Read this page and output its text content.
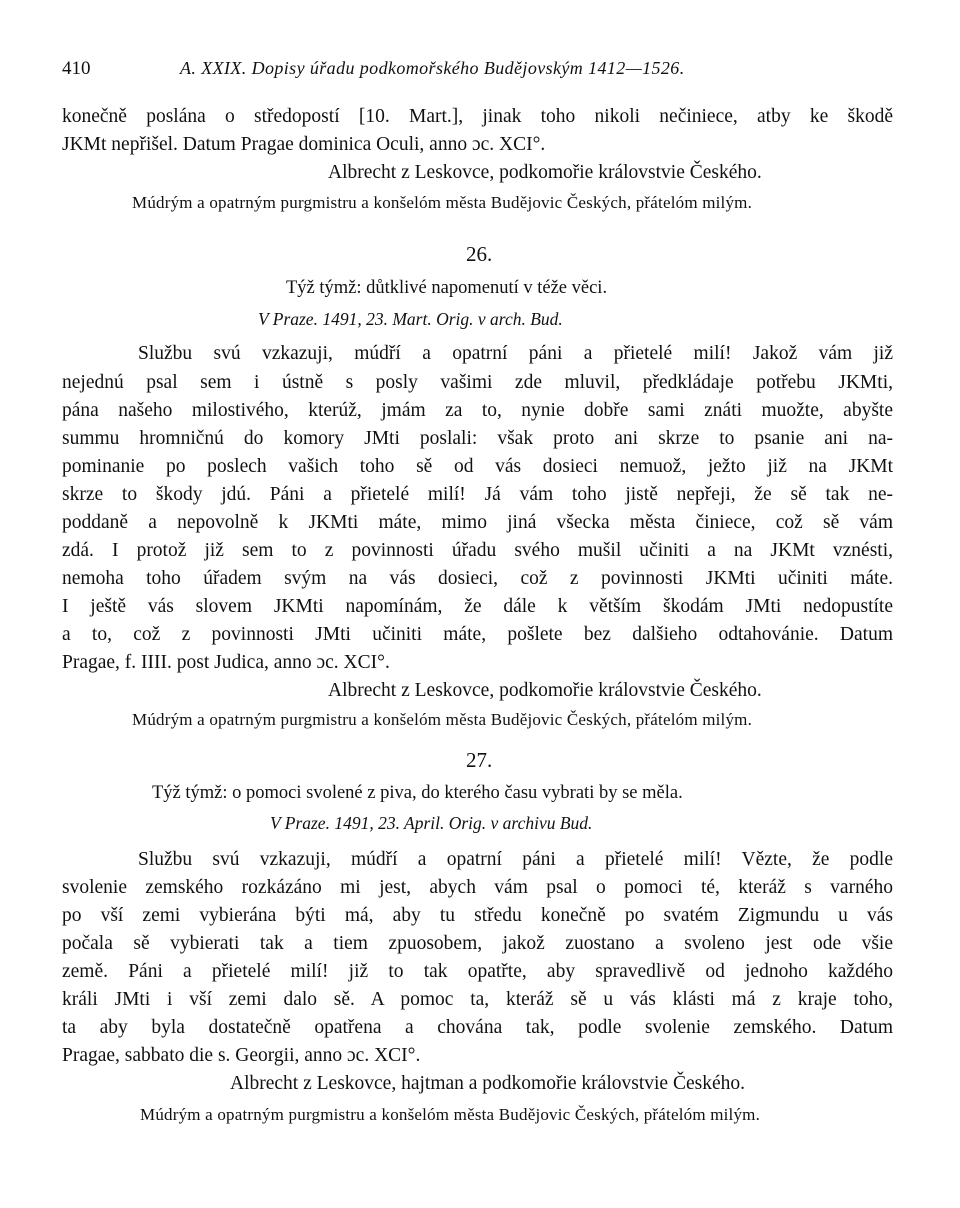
410	A. XXIX. Dopisy úřadu podkomořského Budějovským 1412—1526.
konečně poslána o středopostí [10. Mart.], jinak toho nikoli nečiniece, atby ke škodě
JKMt nepřišel. Datum Pragae dominica Oculi, anno ɔc. XCI°.
Albrecht z Leskovce, podkomořie královstvie Českého.
Múdrým a opatrným purgmistru a konšelóm města Budějovic Českých, přátelóm milým.
26.
Týž týmž: důtklivé napomenutí v téže věci.
V Praze. 1491, 23. Mart. Orig. v arch. Bud.
Službu svú vzkazuji, múdří a opatrní páni a přietelé milí! Jakož vám již
nejednú psal sem i ústně s posly vašimi zde mluvil, předkládaje potřebu JKMti,
pána našeho milostivého, kterúž, jmám za to, nynie dobře sami znáti muožte, abyšte
summu hromničnú do komory JMti poslali: však proto ani skrze to psanie ani na-
pominanie po poslech vašich toho sě od vás dosieci nemuož, ježto již na JKMt
skrze to škody jdú. Páni a přietelé milí! Já vám toho jistě nepřeji, že sě tak ne-
poddaně a nepovolně k JKMti máte, mimo jiná všecka města činiece, což sě vám
zdá. I protož již sem to z povinnosti úřadu svého mušil učiniti a na JKMt vznésti,
nemoha toho úřadem svým na vás dosieci, což z povinnosti JKMti učiniti máte.
I ještě vás slovem JKMti napomínám, že dále k větším škodám JMti nedopustíte
a to, což z povinnosti JMti učiniti máte, pošlete bez dalšieho odtahovánie. Datum
Pragae, f. IIII. post Judica, anno ɔc. XCI°.
Albrecht z Leskovce, podkomořie královstvie Českého.
Múdrým a opatrným purgmistru a konšelóm města Budějovic Českých, přátelóm milým.
27.
Týž týmž: o pomoci svolené z piva, do kterého času vybrati by se měla.
V Praze. 1491, 23. April. Orig. v archivu Bud.
Službu svú vzkazuji, múdří a opatrní páni a přietelé milí! Vězte, že podle
svolenie zemského rozkázáno mi jest, abych vám psal o pomoci té, kteráž s varného
po vší zemi vybierána býti má, aby tu středu konečně po svatém Zigmundu u vás
počala sě vybierati tak a tiem zpuosobem, jakož zuostano a svoleno jest ode všie
země. Páni a přietelé milí! již to tak opatřte, aby spravedlivě od jednoho každého
králi JMti i vší zemi dalo sě. A pomoc ta, kteráž sě u vás klásti má z kraje toho,
ta aby byla dostatečně opatřena a chována tak, podle svolenie zemského. Datum
Pragae, sabbato die s. Georgii, anno ɔc. XCI°.
Albrecht z Leskovce, hajtman a podkomořie královstvie Českého.
Múdrým a opatrným purgmistru a konšelóm města Budějovic Českých, přátelóm milým.
